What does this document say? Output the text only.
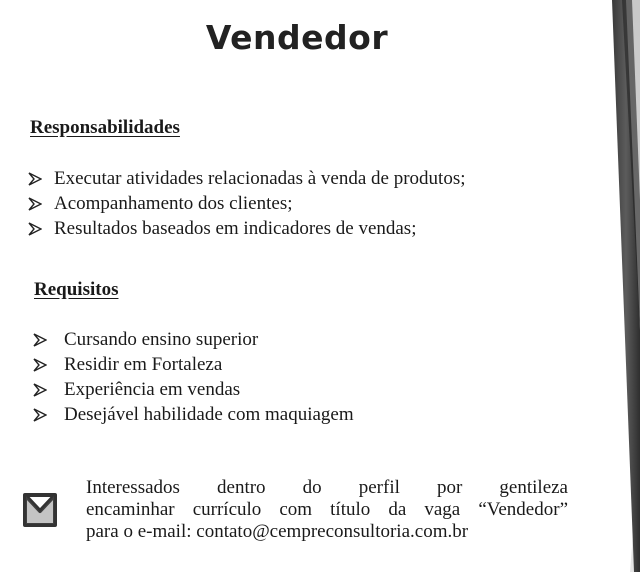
Vendedor
Responsabilidades
Executar atividades relacionadas à venda de produtos;
Acompanhamento dos clientes;
Resultados baseados em indicadores de vendas;
Requisitos
Cursando ensino superior
Residir em Fortaleza
Experiência em vendas
Desejável habilidade com maquiagem
Interessados dentro do perfil por gentileza
encaminhar currículo com título da vaga “Vendedor”
para o e-mail: contato@cempreconsultoria.com.br
